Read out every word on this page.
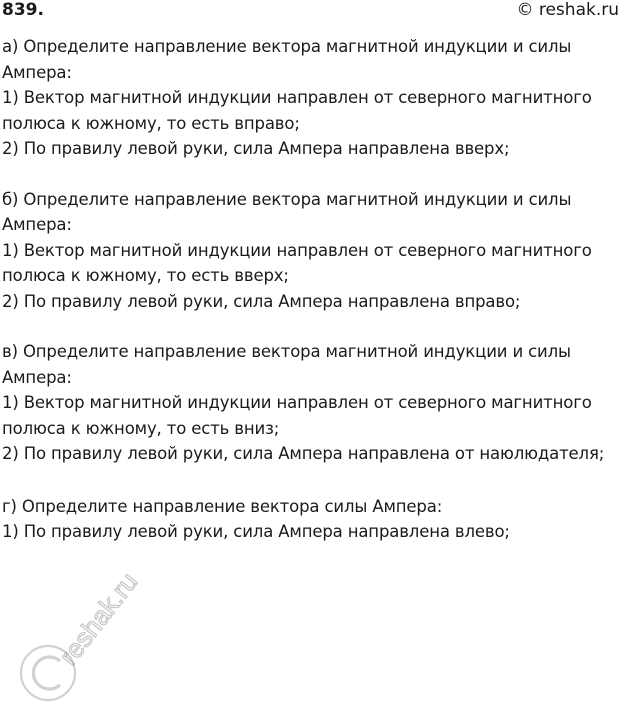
839.	© reshak.ru
а) Определите направление вектора магнитной индукции и силы
Ампера:
1) Вектор магнитной индукции направлен от северного магнитного
полюса к южному, то есть вправо;
2) По правилу левой руки, сила Ампера направлена вверх;
б) Определите направление вектора магнитной индукции и силы
Ампера:
1) Вектор магнитной индукции направлен от северного магнитного
полюса к южному, то есть вверх;
2) По правилу левой руки, сила Ампера направлена вправо;
в) Определите направление вектора магнитной индукции и силы
Ампера:
1) Вектор магнитной индукции направлен от северного магнитного
полюса к южному, то есть вниз;
2) По правилу левой руки, сила Ампера направлена от наюлюдателя;
г) Определите направление вектора силы Ампера:
1) По правилу левой руки, сила Ампера направлена влево;
reshak.ru
